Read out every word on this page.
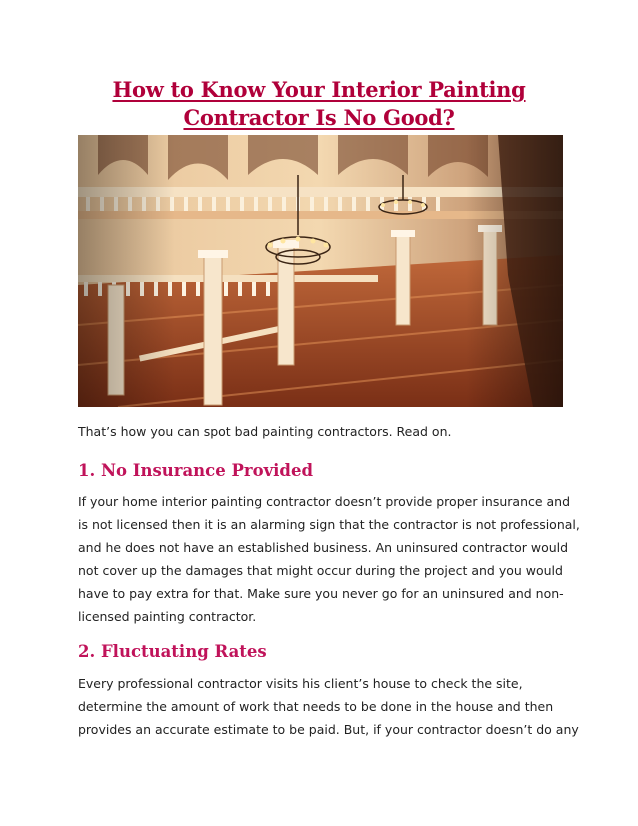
How to Know Your Interior Painting
Contractor Is No Good?

That’s how you can spot bad painting contractors. Read on.

1. No Insurance Provided

If your home interior painting contractor doesn’t provide proper insurance and
is not licensed then it is an alarming sign that the contractor is not professional,
and he does not have an established business. An uninsured contractor would
not cover up the damages that might occur during the project and you would
have to pay extra for that. Make sure you never go for an uninsured and non-
licensed painting contractor.

2. Fluctuating Rates

Every professional contractor visits his client’s house to check the site,
determine the amount of work that needs to be done in the house and then
provides an accurate estimate to be paid. But, if your contractor doesn’t do any
